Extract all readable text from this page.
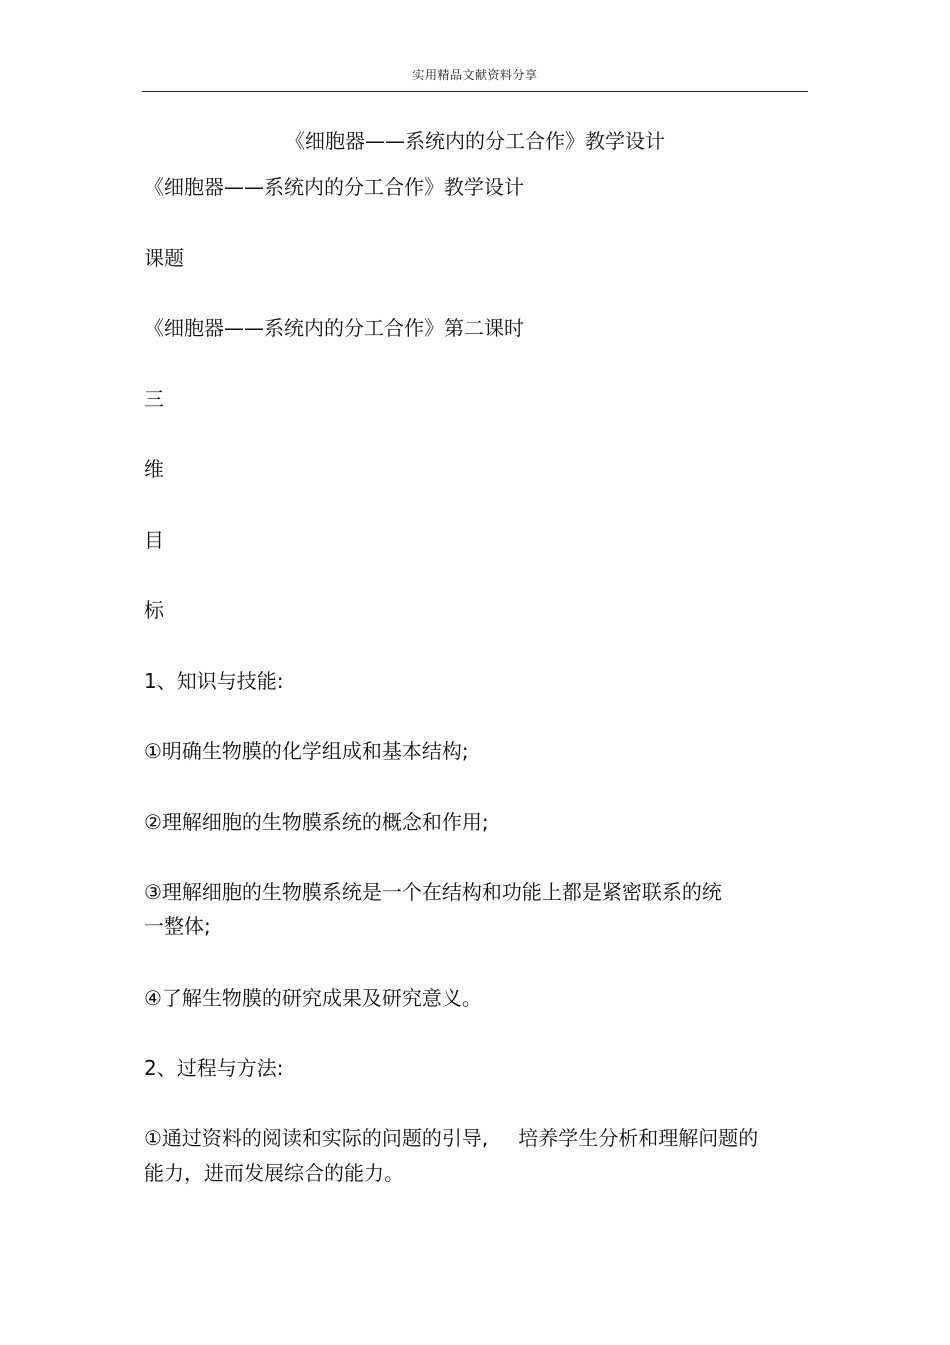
实用精品文献资料分享
《细胞器——系统内的分工合作》教学设计
《细胞器——系统内的分工合作》教学设计
课题
《细胞器——系统内的分工合作》第二课时
三
维
目
标
1、知识与技能:
①明确生物膜的化学组成和基本结构;
②理解细胞的生物膜系统的概念和作用;
③理解细胞的生物膜系统是一个在结构和功能上都是紧密联系的统
一整体;
④了解生物膜的研究成果及研究意义。
2、过程与方法:
①通过资料的阅读和实际的问题的引导, 培养学生分析和理解问题的
能力，进而发展综合的能力。
